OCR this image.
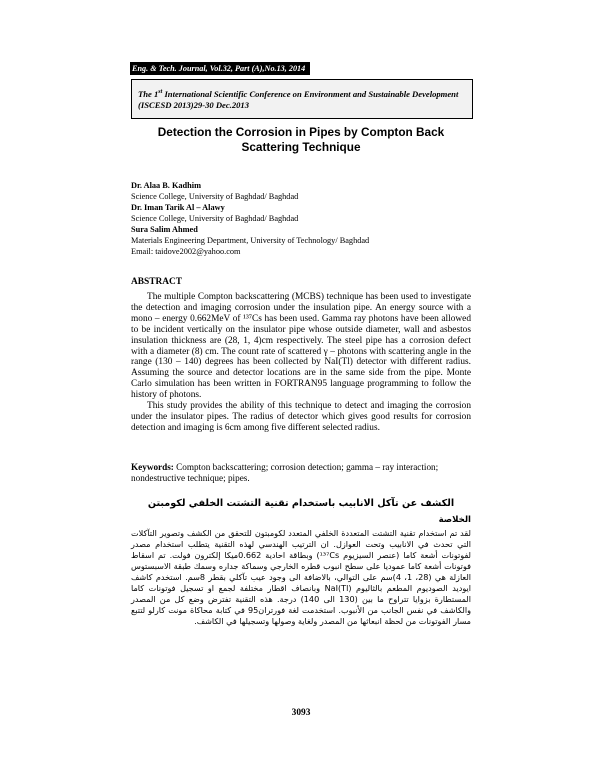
Eng. & Tech. Journal, Vol.32, Part (A),No.13, 2014
The 1st International Scientific Conference on Environment and Sustainable Development
(ISCESD 2013)29-30 Dec.2013
Detection the Corrosion in Pipes by Compton Back
Scattering Technique
Dr. Alaa B. Kadhim
Science College, University of Baghdad/ Baghdad
Dr. Iman Tarik Al – Alawy
Science College, University of Baghdad/ Baghdad
Sura Salim Ahmed
Materials Engineering Department, University of Technology/ Baghdad
Email: taidove2002@yahoo.com
ABSTRACT

The multiple Compton backscattering (MCBS) technique has been used to investigate the detection and imaging corrosion under the insulation pipe. An energy source with a mono – energy 0.662MeV of ¹³⁷Cs has been used. Gamma ray photons have been allowed to be incident vertically on the insulator pipe whose outside diameter, wall and asbestos insulation thickness are (28, 1, 4)cm respectively. The steel pipe has a corrosion defect with a diameter (8) cm. The count rate of scattered γ – photons with scattering angle in the range (130 – 140) degrees has been collected by NaI(Tl) detector with different radius. Assuming the source and detector locations are in the same side from the pipe. Monte Carlo simulation has been written in FORTRAN95 language programming to follow the history of photons.

This study provides the ability of this technique to detect and imaging the corrosion under the insulator pipes. The radius of detector which gives good results for corrosion detection and imaging is 6cm among five different selected radius.

Keywords: Compton backscattering; corrosion detection; gamma – ray interaction; nondestructive technique; pipes.
الكشف عن تآكل الانابيب باستخدام تقنية التشتت الخلفي لكومبتن
الخلاصة

لقد تم استخدام تقنية التشتت المتعددة الخلفي المتعدد لكومبتون للتحقق من الكشف وتصوير التآكلات التي تحدث في الانابيب وتحت العوازل. ان الترتيب الهندسي لهذه التقنية يتطلب استخدام مصدر لفوتونات أشعة كاما (عنصر السيزيوم ¹³⁷Cs) وبطاقة احادية 0.662ميكا إلكترون فولت. تم اسقاط فوتونات أشعة كاما عموديا على سطح انبوب قطره الخارجي وسماكة جداره وسمك طبقة الاسبستوس العازلة هي (28، 1، 4)سم على التوالي، بالاضافة الى وجود عيب تآكلي بقطر 8سم. استخدم كاشف ايوديد الصوديوم المطعم بالثاليوم NaI(Tl) وبانصاف اقطار مختلفة لجمع او تسجيل فوتونات كاما المستطارة بزوايا تتراوح ما بين (130 الى 140) درجة. هذه التقنية تفترض وضع كل من المصدر والكاشف في نفس الجانب من الأنبوب. استخدمت لغة فورتران95 في كتابة محاكاة مونت كارلو لتتبع مسار الفوتونات من لحظة انبعاثها من المصدر ولغاية وصولها وتسجيلها في الكاشف.

3093
